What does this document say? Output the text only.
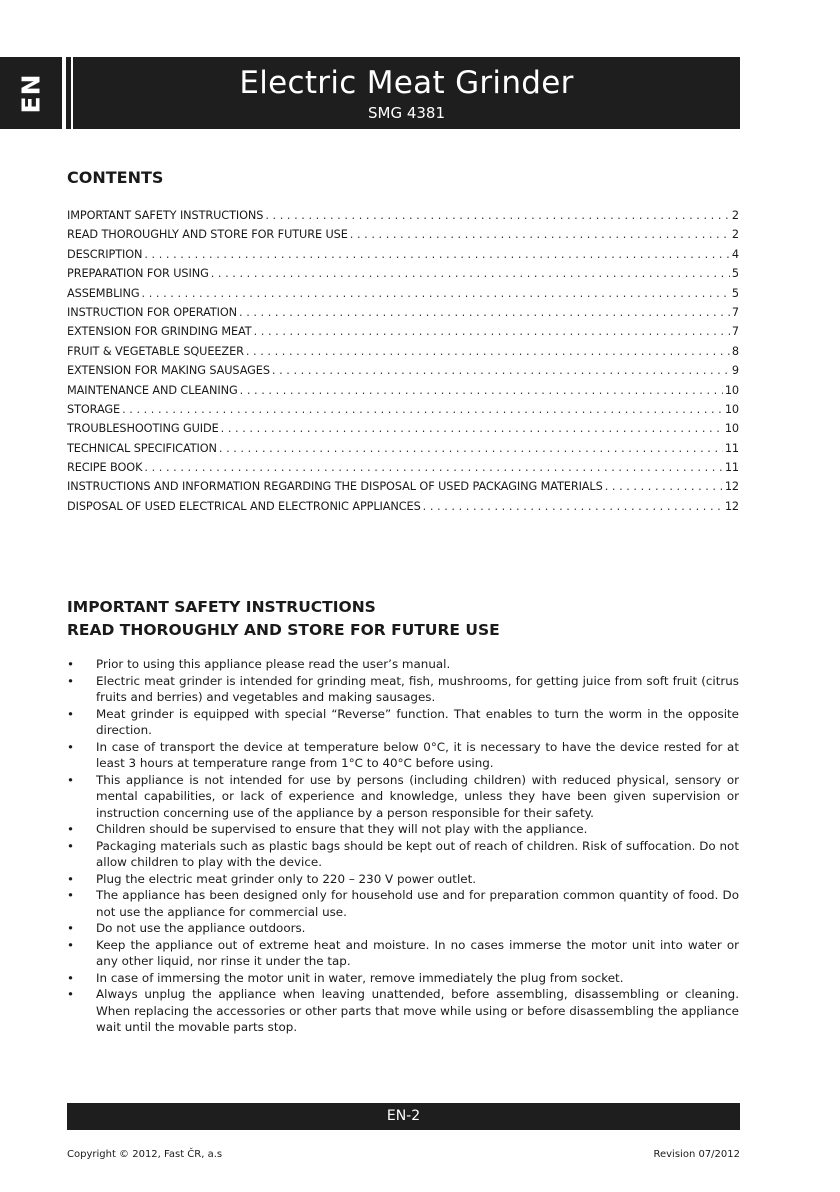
EN	Electric Meat Grinder
SMG 4381
CONTENTS
IMPORTANT SAFETY INSTRUCTIONS . . .	2
READ THOROUGHLY AND STORE FOR FUTURE USE . . .	2
DESCRIPTION . . .	4
PREPARATION FOR USING . . .	5
ASSEMBLING . . .	5
INSTRUCTION FOR OPERATION . . .	7
EXTENSION FOR GRINDING MEAT . . .	7
FRUIT & VEGETABLE SQUEEZER . . .	8
EXTENSION FOR MAKING SAUSAGES . . .	9
MAINTENANCE AND CLEANING . . .	10
STORAGE . . .	10
TROUBLESHOOTING GUIDE . . .	10
TECHNICAL SPECIFICATION . . .	11
RECIPE BOOK . . .	11
INSTRUCTIONS AND INFORMATION REGARDING THE DISPOSAL OF USED PACKAGING MATERIALS . . .	12
DISPOSAL OF USED ELECTRICAL AND ELECTRONIC APPLIANCES . . .	12
IMPORTANT SAFETY INSTRUCTIONS
READ THOROUGHLY AND STORE FOR FUTURE USE
• Prior to using this appliance please read the user’s manual.
• Electric meat grinder is intended for grinding meat, fish, mushrooms, for getting juice from soft fruit (citrus fruits and berries) and vegetables and making sausages.
• Meat grinder is equipped with special “Reverse” function. That enables to turn the worm in the opposite direction.
• In case of transport the device at temperature below 0°C, it is necessary to have the device rested for at least 3 hours at temperature range from 1°C to 40°C before using.
• This appliance is not intended for use by persons (including children) with reduced physical, sensory or mental capabilities, or lack of experience and knowledge, unless they have been given supervision or instruction concerning use of the appliance by a person responsible for their safety.
• Children should be supervised to ensure that they will not play with the appliance.
• Packaging materials such as plastic bags should be kept out of reach of children. Risk of suffocation. Do not allow children to play with the device.
• Plug the electric meat grinder only to 220 – 230 V power outlet.
• The appliance has been designed only for household use and for preparation common quantity of food. Do not use the appliance for commercial use.
• Do not use the appliance outdoors.
• Keep the appliance out of extreme heat and moisture. In no cases immerse the motor unit into water or any other liquid, nor rinse it under the tap.
• In case of immersing the motor unit in water, remove immediately the plug from socket.
• Always unplug the appliance when leaving unattended, before assembling, disassembling or cleaning. When replacing the accessories or other parts that move while using or before disassembling the appliance wait until the movable parts stop.
EN-2
Copyright © 2012, Fast ČR, a.s	Revision 07/2012
